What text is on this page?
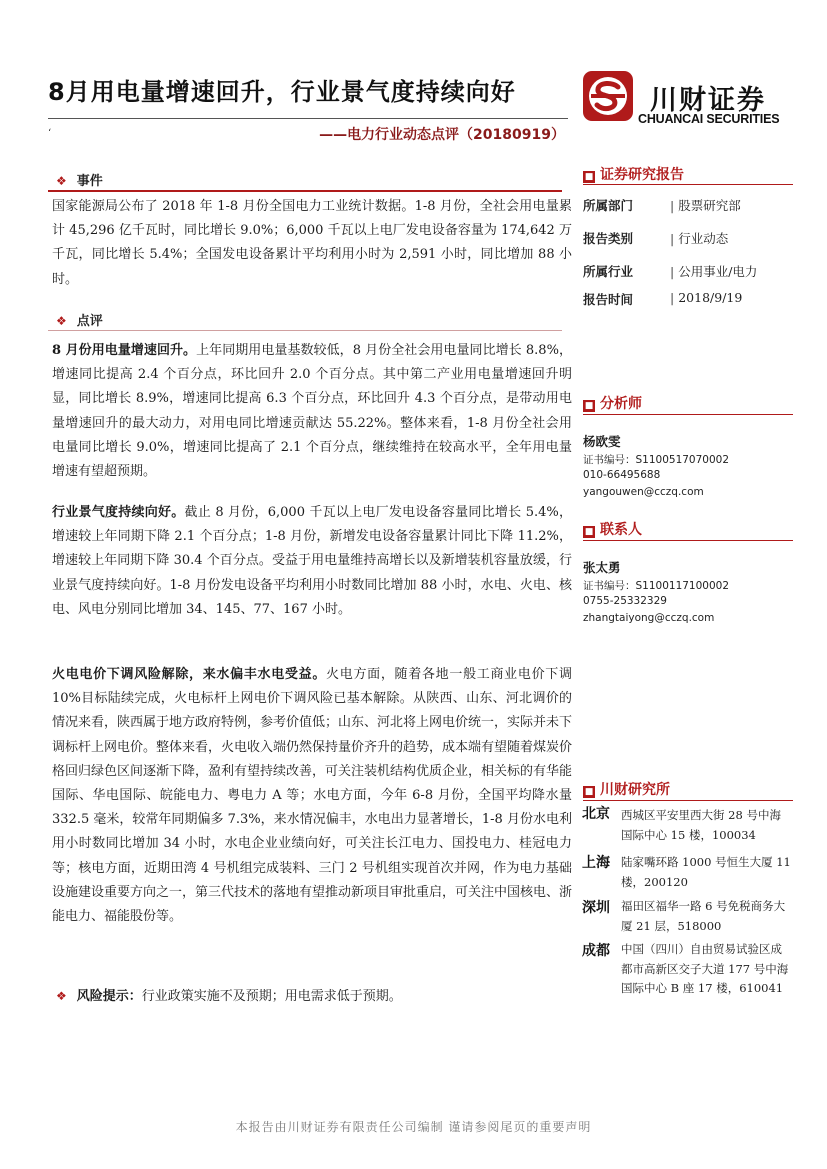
8月用电量增速回升，行业景气度持续向好
‘	——电力行业动态点评（20180919）
川财证券
CHUANCAI SECURITIES
❖ 事件

国家能源局公布了 2018 年 1-8 月份全国电力工业统计数据。1-8 月份，全社会用电量累计 45,296 亿千瓦时，同比增长 9.0%；6,000 千瓦以上电厂发电设备容量为 174,642 万千瓦，同比增长 5.4%；全国发电设备累计平均利用小时为 2,591 小时，同比增加 88 小时。

❖ 点评

8 月份用电量增速回升。上年同期用电量基数较低，8 月份全社会用电量同比增长 8.8%，增速同比提高 2.4 个百分点，环比回升 2.0 个百分点。其中第二产业用电量增速回升明显，同比增长 8.9%，增速同比提高 6.3 个百分点，环比回升 4.3 个百分点，是带动用电量增速回升的最大动力，对用电同比增速贡献达 55.22%。整体来看，1-8 月份全社会用电量同比增长 9.0%，增速同比提高了 2.1 个百分点，继续维持在较高水平，全年用电量增速有望超预期。

行业景气度持续向好。截止 8 月份，6,000 千瓦以上电厂发电设备容量同比增长 5.4%，增速较上年同期下降 2.1 个百分点；1-8 月份，新增发电设备容量累计同比下降 11.2%，增速较上年同期下降 30.4 个百分点。受益于用电量维持高增长以及新增装机容量放缓，行业景气度持续向好。1-8 月份发电设备平均利用小时数同比增加 88 小时，水电、火电、核电、风电分别同比增加 34、145、77、167 小时。

火电电价下调风险解除，来水偏丰水电受益。火电方面，随着各地一般工商业电价下调 10%目标陆续完成，火电标杆上网电价下调风险已基本解除。从陕西、山东、河北调价的情况来看，陕西属于地方政府特例，参考价值低；山东、河北将上网电价统一，实际并未下调标杆上网电价。整体来看，火电收入端仍然保持量价齐升的趋势，成本端有望随着煤炭价格回归绿色区间逐渐下降，盈利有望持续改善，可关注装机结构优质企业，相关标的有华能国际、华电国际、皖能电力、粤电力 A 等；水电方面，今年 6-8 月份，全国平均降水量 332.5 毫米，较常年同期偏多 7.3%，来水情况偏丰，水电出力显著增长，1-8 月份水电利用小时数同比增加 34 小时，水电企业业绩向好，可关注长江电力、国投电力、桂冠电力等；核电方面，近期田湾 4 号机组完成装料、三门 2 号机组实现首次并网，作为电力基础设施建设重要方向之一，第三代技术的落地有望推动新项目审批重启，可关注中国核电、浙能电力、福能股份等。

❖ 风险提示：行业政策实施不及预期；用电需求低于预期。
■ 证券研究报告
所属部门	| 股票研究部
报告类别	| 行业动态
所属行业	| 公用事业/电力
报告时间	| 2018/9/19
■ 分析师
杨欧雯
证书编号：S1100517070002
010-66495688
yangouwen@cczq.com
■ 联系人
张太勇
证书编号：S1100117100002
0755-25332329
zhangtaiyong@cczq.com
■ 川财研究所
北京 西城区平安里西大街 28 号中海国际中心 15 楼，100034
上海 陆家嘴环路 1000 号恒生大厦 11 楼，200120
深圳 福田区福华一路 6 号免税商务大厦 21 层，518000
成都 中国（四川）自由贸易试验区成都市高新区交子大道 177 号中海国际中心 B 座 17 楼，610041
本报告由川财证券有限责任公司编制 谨请参阅尾页的重要声明
